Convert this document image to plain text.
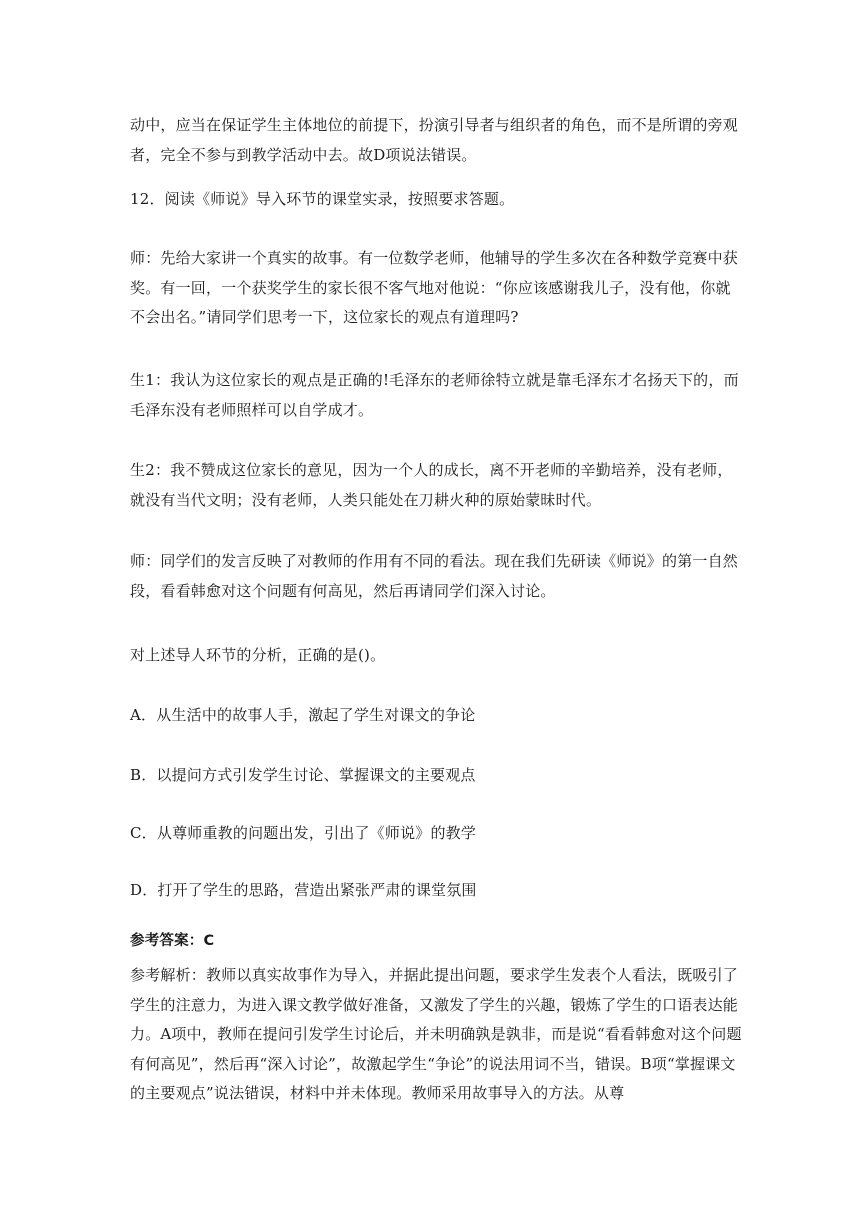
动中，应当在保证学生主体地位的前提下，扮演引导者与组织者的角色，而不是所谓的旁观者，完全不参与到教学活动中去。故D项说法错误。

12．阅读《师说》导入环节的课堂实录，按照要求答题。

师：先给大家讲一个真实的故事。有一位数学老师，他辅导的学生多次在各种数学竞赛中获奖。有一回，一个获奖学生的家长很不客气地对他说：“你应该感谢我儿子，没有他，你就不会出名。”请同学们思考一下，这位家长的观点有道理吗?

生1：我认为这位家长的观点是正确的!毛泽东的老师徐特立就是靠毛泽东才名扬天下的，而毛泽东没有老师照样可以自学成才。

生2：我不赞成这位家长的意见，因为一个人的成长，离不开老师的辛勤培养，没有老师，就没有当代文明；没有老师，人类只能处在刀耕火种的原始蒙昧时代。

师：同学们的发言反映了对教师的作用有不同的看法。现在我们先研读《师说》的第一自然段，看看韩愈对这个问题有何高见，然后再请同学们深入讨论。

对上述导人环节的分析，正确的是()。

A．从生活中的故事人手，激起了学生对课文的争论

B．以提问方式引发学生讨论、掌握课文的主要观点

C．从尊师重教的问题出发，引出了《师说》的教学

D．打开了学生的思路，营造出紧张严肃的课堂氛围

参考答案：C

参考解析：教师以真实故事作为导入，并据此提出问题，要求学生发表个人看法，既吸引了学生的注意力，为进入课文教学做好准备，又激发了学生的兴趣，锻炼了学生的口语表达能力。A项中，教师在提问引发学生讨论后，并未明确孰是孰非，而是说“看看韩愈对这个问题有何高见”，然后再“深入讨论”，故激起学生“争论”的说法用词不当，错误。B项“掌握课文的主要观点”说法错误，材料中并未体现。教师采用故事导入的方法。从尊
